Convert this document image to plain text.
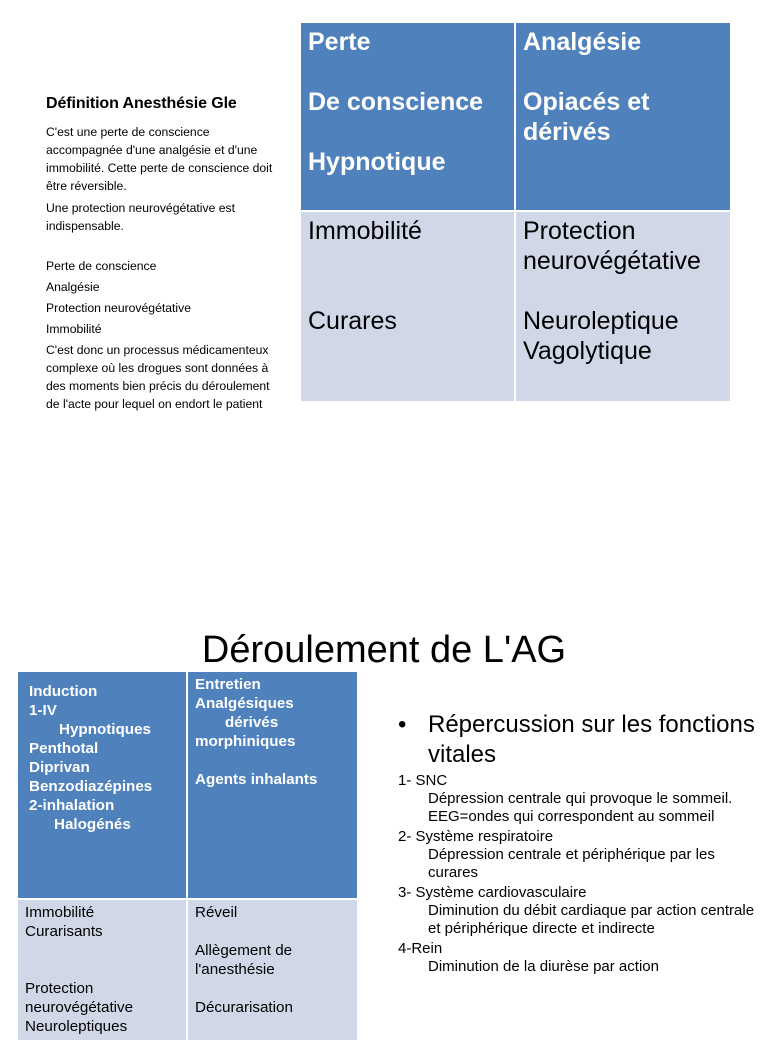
Définition Anesthésie Gle

C'est une perte de conscience accompagnée d'une analgésie et d'une immobilité. Cette perte de conscience doit être réversible.

Une protection neurovégétative est indispensable.

Perte de conscience

Analgésie

Protection neurovégétative

Immobilité

C'est donc un processus médicamenteux complexe où les drogues sont données à des moments bien précis du déroulement de l'acte pour lequel on endort le patient

Perte
De conscience
Hypnotique
Analgésie
Opiacés et
dérivés
Immobilité
Curares
Protection
neurovégétative
Neuroleptique
Vagolytique
Déroulement de L'AG
Induction
1-IV
Hypnotiques
Penthotal
Diprivan
Benzodiazépines
2-inhalation
Halogénés
Entretien
Analgésiques
dérivés
morphiniques
Agents inhalants
Immobilité
Curarisants
Protection
neurovégétative
Neuroleptiques
Réveil
Allègement de
l'anesthésie
Décurarisation
• Répercussion sur les fonctions vitales
1- SNC
Dépression centrale qui provoque le sommeil. EEG=ondes qui correspondent au sommeil
2- Système respiratoire
Dépression centrale et périphérique par les curares
3- Système cardiovasculaire
Diminution du débit cardiaque par action centrale et périphérique directe et indirecte
4-Rein
Diminution de la diurèse par action
